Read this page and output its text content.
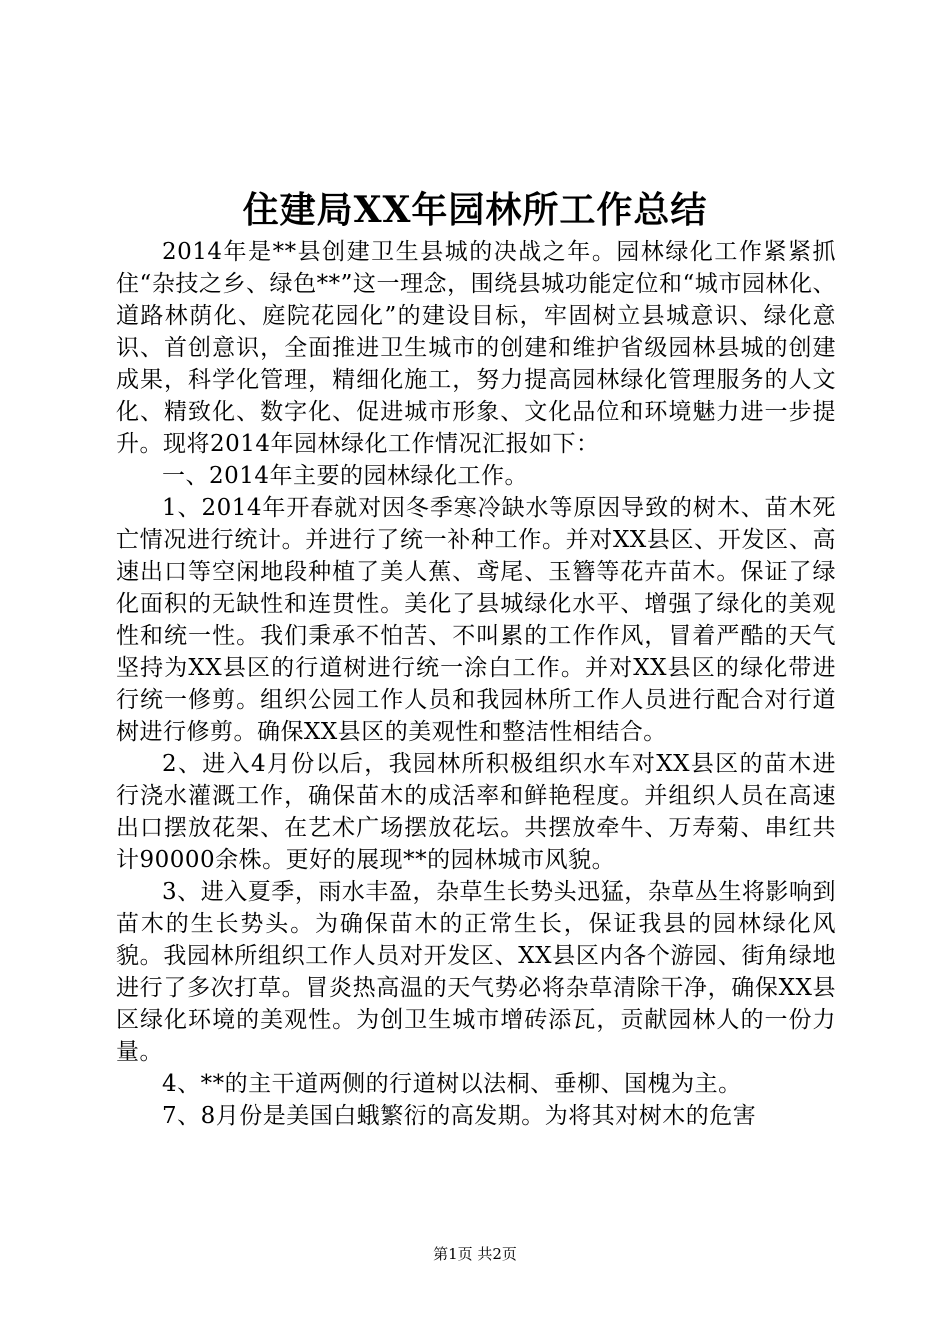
住建局XX年园林所工作总结

2014年是**县创建卫生县城的决战之年。园林绿化工作紧紧抓住“杂技之乡、绿色**”这一理念，围绕县城功能定位和“城市园林化、道路林荫化、庭院花园化”的建设目标，牢固树立县城意识、绿化意识、首创意识，全面推进卫生城市的创建和维护省级园林县城的创建成果，科学化管理，精细化施工，努力提高园林绿化管理服务的人文化、精致化、数字化、促进城市形象、文化品位和环境魅力进一步提升。现将2014年园林绿化工作情况汇报如下：

一、2014年主要的园林绿化工作。

1、2014年开春就对因冬季寒冷缺水等原因导致的树木、苗木死亡情况进行统计。并进行了统一补种工作。并对XX县区、开发区、高速出口等空闲地段种植了美人蕉、鸢尾、玉簪等花卉苗木。保证了绿化面积的无缺性和连贯性。美化了县城绿化水平、增强了绿化的美观性和统一性。我们秉承不怕苦、不叫累的工作作风，冒着严酷的天气坚持为XX县区的行道树进行统一涂白工作。并对XX县区的绿化带进行统一修剪。组织公园工作人员和我园林所工作人员进行配合对行道树进行修剪。确保XX县区的美观性和整洁性相结合。

2、进入4月份以后，我园林所积极组织水车对XX县区的苗木进行浇水灌溉工作，确保苗木的成活率和鲜艳程度。并组织人员在高速出口摆放花架、在艺术广场摆放花坛。共摆放牵牛、万寿菊、串红共计90000余株。更好的展现**的园林城市风貌。

3、进入夏季，雨水丰盈，杂草生长势头迅猛，杂草丛生将影响到苗木的生长势头。为确保苗木的正常生长，保证我县的园林绿化风貌。我园林所组织工作人员对开发区、XX县区内各个游园、街角绿地进行了多次打草。冒炎热高温的天气势必将杂草清除干净，确保XX县区绿化环境的美观性。为创卫生城市增砖添瓦，贡献园林人的一份力量。

4、**的主干道两侧的行道树以法桐、垂柳、国槐为主。

7、8月份是美国白蛾繁衍的高发期。为将其对树木的危害

第1页 共2页
